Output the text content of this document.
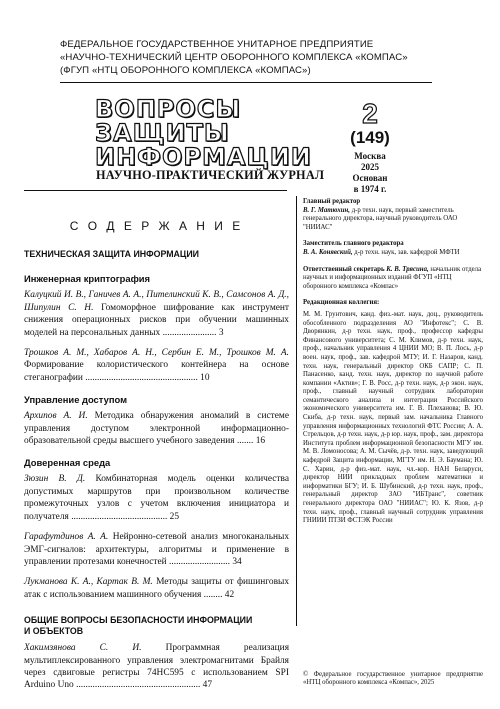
ФЕДЕРАЛЬНОЕ ГОСУДАРСТВЕННОЕ УНИТАРНОЕ ПРЕДПРИЯТИЕ
«НАУЧНО-ТЕХНИЧЕСКИЙ ЦЕНТР ОБОРОННОГО КОМПЛЕКСА «КОМПАС»
(ФГУП «НТЦ ОБОРОННОГО КОМПЛЕКСА «КОМПАС»)
ВОПРОСЫ
ЗАЩИТЫ
ИНФОРМАЦИИ
2
(149)
Москва
2025
Основан
в 1974 г.
НАУЧНО-ПРАКТИЧЕСКИЙ ЖУРНАЛ
С О Д Е Р Ж А Н И Е
ТЕХНИЧЕСКАЯ ЗАЩИТА ИНФОРМАЦИИ
Инженерная криптография
Калуцкий И. В., Ганичев А. А., Пителинский К. В., Самсонов А. Д., Шипулин С. Н. Гомоморфное шифрование как инструмент снижения операционных рисков при обучении машинных моделей на персональных данных ....................... 3
Трошков А. М., Хабаров А. Н., Сербин Е. М., Трошков М. А. Формирование колористического контейнера на основе стеганографии ................................................ 10
Управление доступом
Архипов А. И. Методика обнаружения аномалий в системе управления доступом электронной информационно-образовательной среды высшего учебного заведения ....... 16
Доверенная среда
Зюзин В. Д. Комбинаторная модель оценки количества допустимых маршрутов при произвольном количестве промежуточных узлов с учетом включения инициатора и получателя ......................................... 25
Гарафутдинов А. А. Нейронно-сетевой анализ многоканальных ЭМГ-сигналов: архитектуры, алгоритмы и применение в управлении протезами конечностей .......................... 34
Лукманова К. А., Картак В. М. Методы защиты от фишинговых атак с использованием машинного обучения ........ 42
ОБЩИЕ ВОПРОСЫ БЕЗОПАСНОСТИ ИНФОРМАЦИИ
И ОБЪЕКТОВ
Хакимзянова С. И.	Программная реализация мультиплексированного управления электромагнитами Брайля через сдвиговые регистры 74HC595 с использованием SPI Arduino Uno ..................................................... 47
Главный редактор
В. Г. Матюхин, д-р техн. наук, первый заместитель генерального директора, научный руководитель ОАО "НИИАС"
Заместитель главного редактора
В. А. Конявский, д-р техн. наук, зав. кафедрой МФТИ
Ответственный секретарь К. В. Трясина, начальник отдела научных и информационных изданий ФГУП «НТЦ оборонного комплекса «Компас»
Редакционная коллегия:
М. М. Грунтович, канд. физ.-мат. наук, доц., руководитель обособленного подразделения АО "Инфотекс"; С. В. Дворянкин, д-р техн. наук, проф., профессор кафедры Финансового университета; С. М. Климов, д-р техн. наук, проф., начальник управления 4 ЦНИИ МО; В. П. Лось, д-р воен. наук, проф., зав. кафедрой МТУ; И. Г. Назаров, канд. техн. наук, генеральный директор ОКБ САПР; С. П. Панасенко, канд. техн. наук, директор по научной работе компании «Актив»; Г. В. Росс, д-р техн. наук, д-р экон. наук, проф., главный научный сотрудник лаборатории семантического анализа и интеграции Российского экономического университета им. Г. В. Плеханова; В. Ю. Скиба, д-р техн. наук, первый зам. начальника Главного управления информационных технологий ФТС России; А. А. Стрельцов, д-р техн. наук, д-р юр. наук, проф., зам. директора Института проблем информационной безопасности МГУ им. М. В. Ломоносова; А. М. Сычёв, д-р. техн. наук, заведующий кафедрой Защита информации, МГТУ им. Н. Э. Баумана; Ю. С. Харин, д-р физ.-мат. наук, чл.-кор. НАН Беларуси, директор НИИ прикладных проблем математики и информатики БГУ; И. Б. Шубинский, д-р техн. наук, проф., генеральный директор ЗАО "ИБТранс", советник генерального директора ОАО "НИИАС"; Ю. К. Язов, д-р техн. наук, проф., главный научный сотрудник управления ГНИИИ ПТЗИ ФСТЭК России
© Федеральное государственное унитарное предприятие «НТЦ оборонного комплекса «Компас», 2025
